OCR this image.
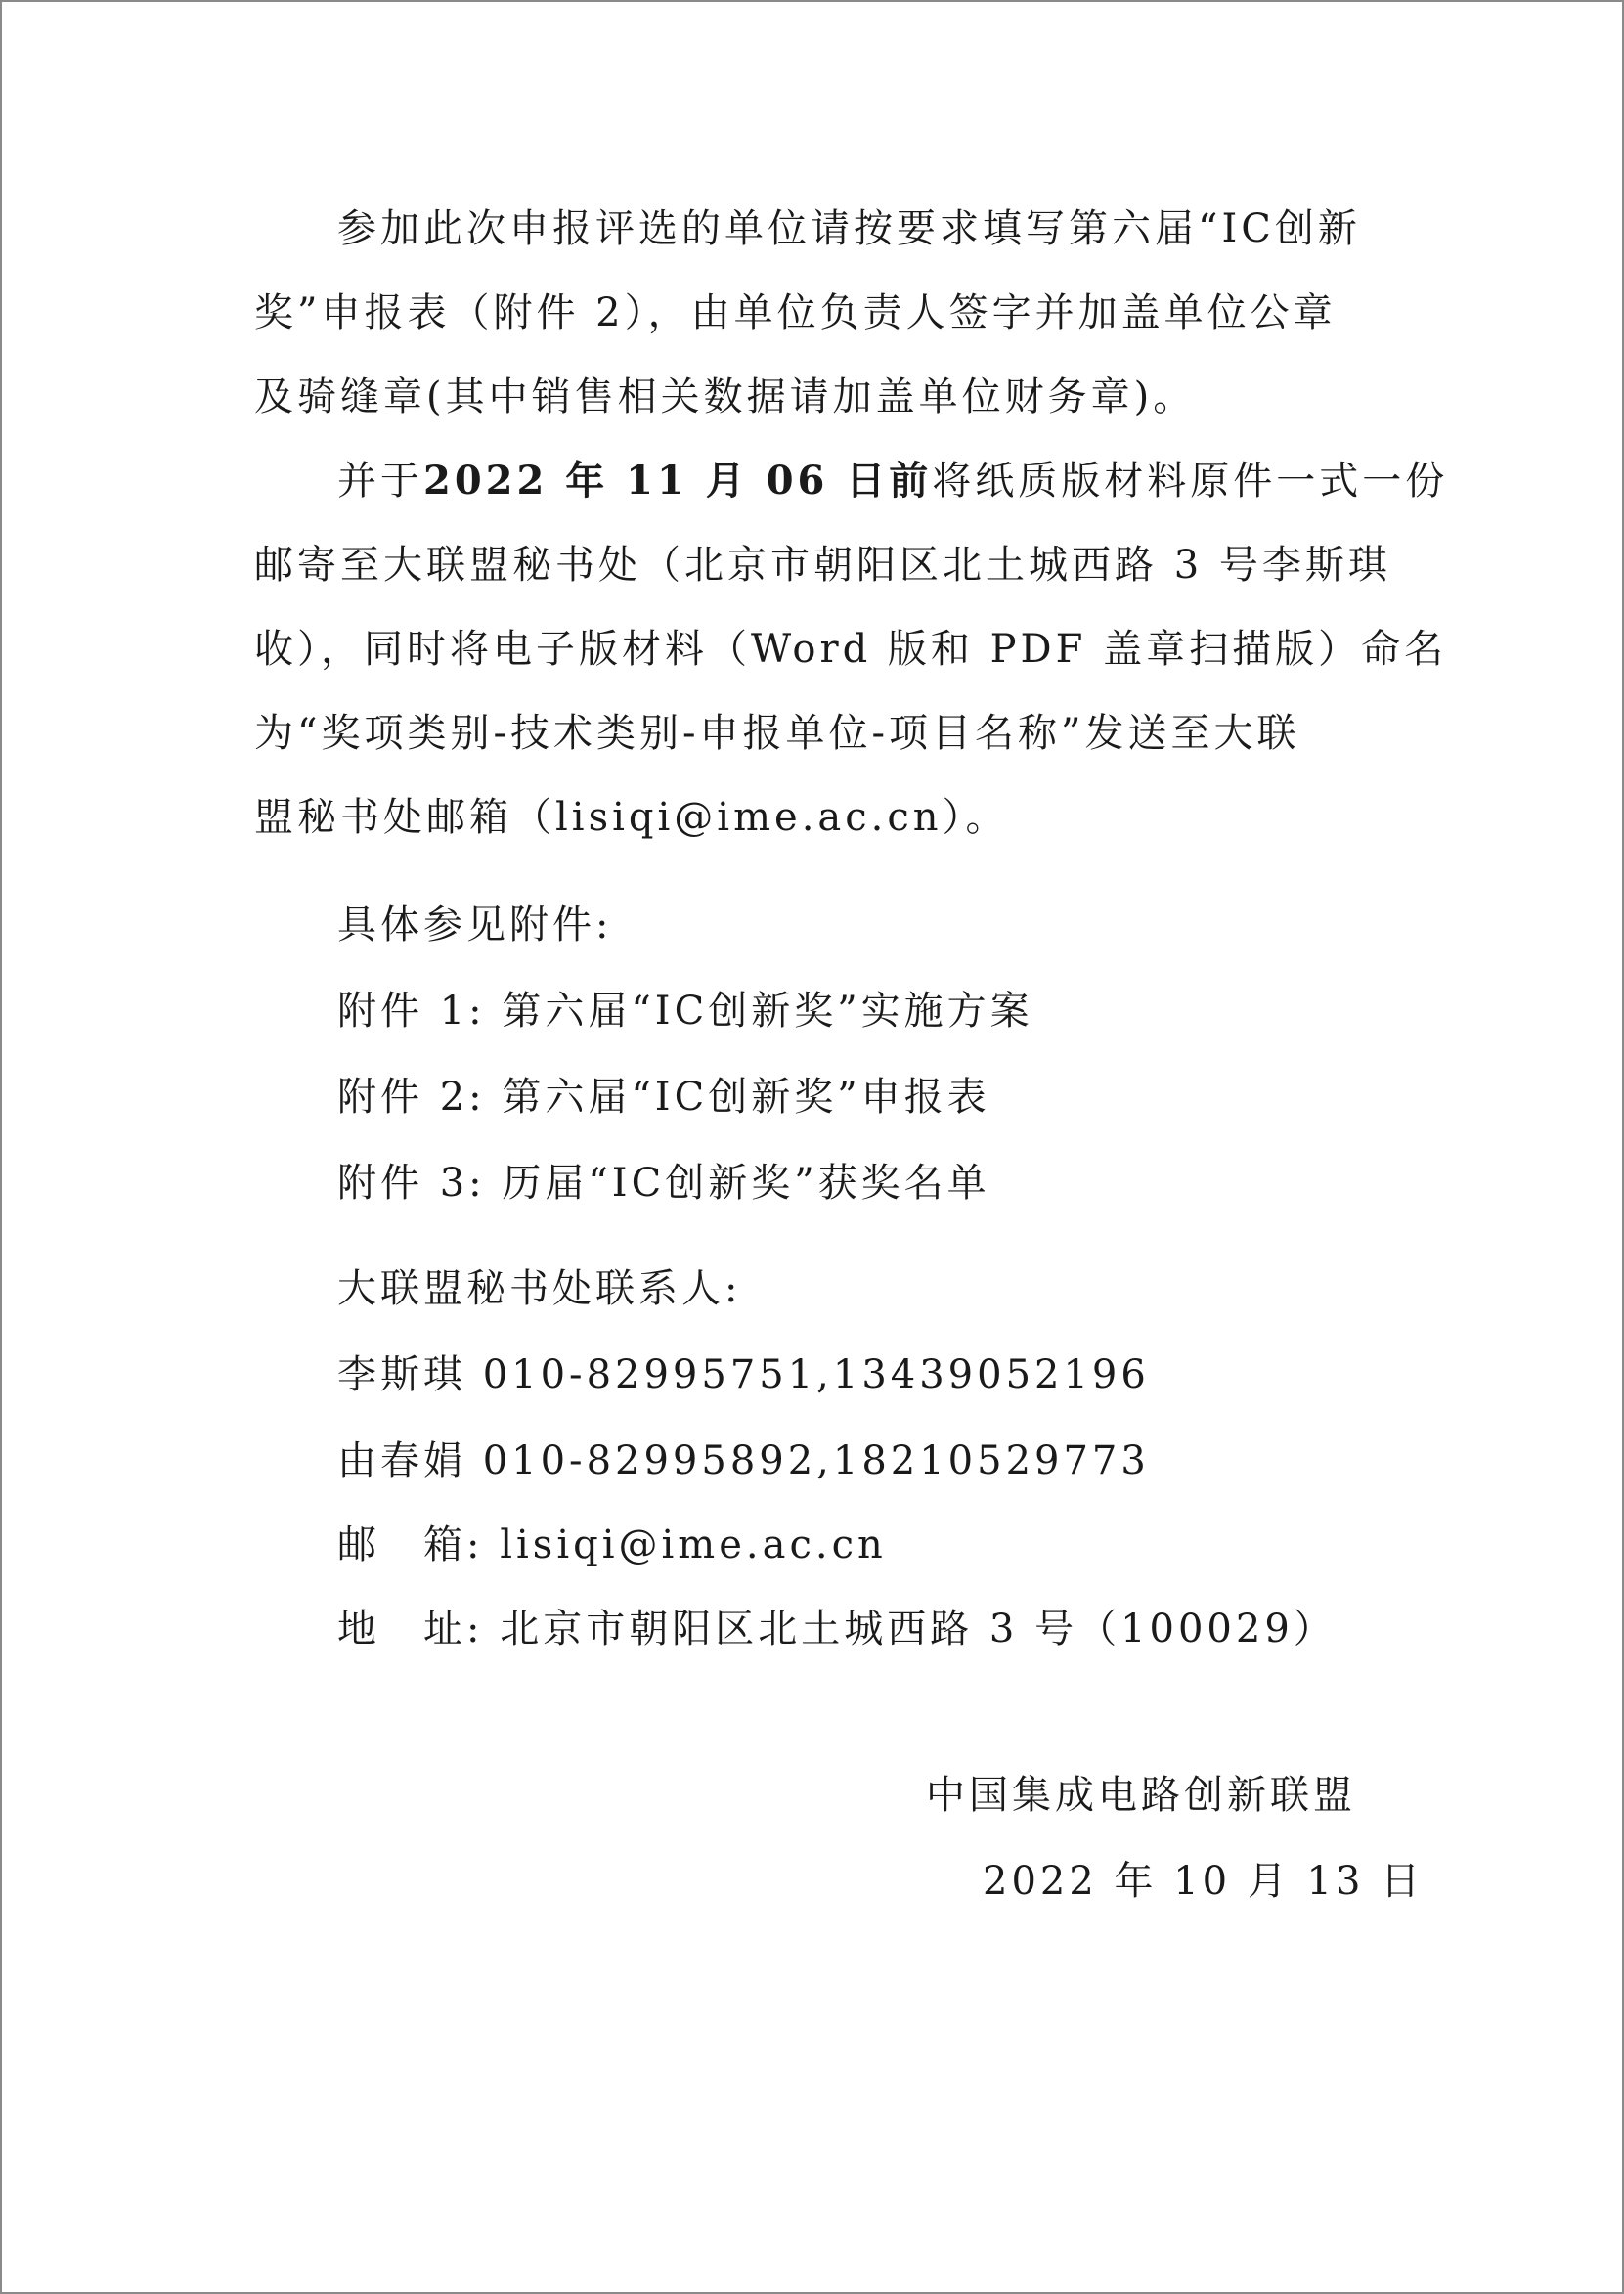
参加此次申报评选的单位请按要求填写第六届“IC创新
奖”申报表（附件 2），由单位负责人签字并加盖单位公章
及骑缝章(其中销售相关数据请加盖单位财务章)。
并于2022 年 11 月 06 日前将纸质版材料原件一式一份
邮寄至大联盟秘书处（北京市朝阳区北土城西路 3 号李斯琪
收），同时将电子版材料（Word 版和 PDF 盖章扫描版）命名
为“奖项类别-技术类别-申报单位-项目名称”发送至大联
盟秘书处邮箱（lisiqi@ime.ac.cn）。
具体参见附件:
附件 1: 第六届“IC创新奖”实施方案
附件 2: 第六届“IC创新奖”申报表
附件 3: 历届“IC创新奖”获奖名单
大联盟秘书处联系人:
李斯琪 010-82995751,13439052196
由春娟 010-82995892,18210529773
邮　箱: lisiqi@ime.ac.cn
地　址: 北京市朝阳区北土城西路 3 号（100029）
中国集成电路创新联盟
2022 年 10 月 13 日
